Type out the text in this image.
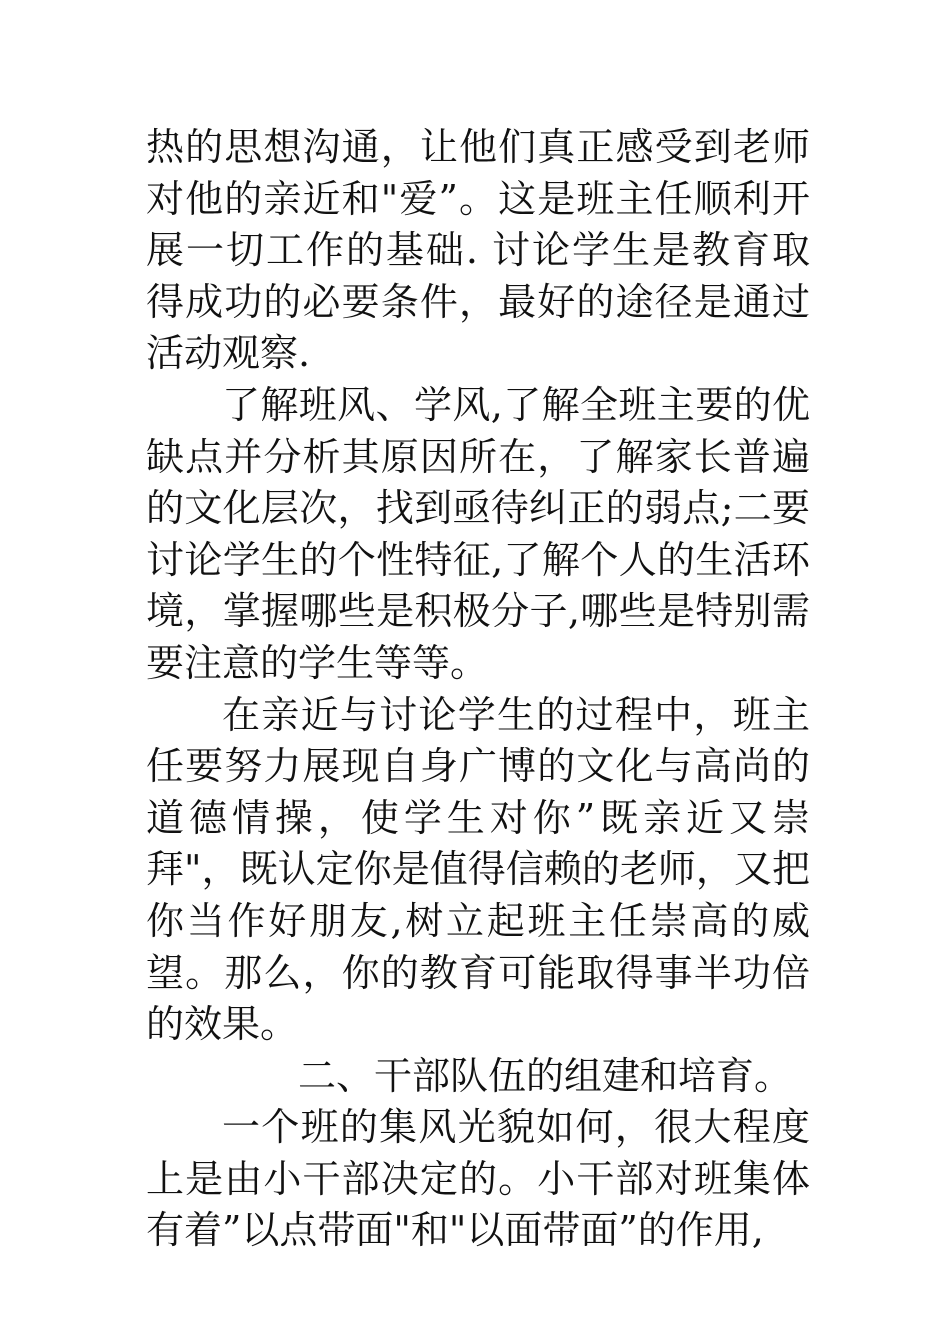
热的思想沟通，让他们真正感受到老师对他的亲近和"爱”。这是班主任顺利开展一切工作的基础. 讨论学生是教育取得成功的必要条件，最好的途径是通过活动观察.

了解班风、学风,了解全班主要的优缺点并分析其原因所在，了解家长普遍的文化层次，找到亟待纠正的弱点;二要讨论学生的个性特征,了解个人的生活环境，掌握哪些是积极分子,哪些是特别需要注意的学生等等。

在亲近与讨论学生的过程中，班主任要努力展现自身广博的文化与高尚的道德情操，使学生对你”既亲近又崇拜"，既认定你是值得信赖的老师，又把你当作好朋友,树立起班主任崇高的威望。那么，你的教育可能取得事半功倍的效果。

二、干部队伍的组建和培育。

一个班的集风光貌如何，很大程度上是由小干部决定的。小干部对班集体有着”以点带面"和"以面带面”的作用,
